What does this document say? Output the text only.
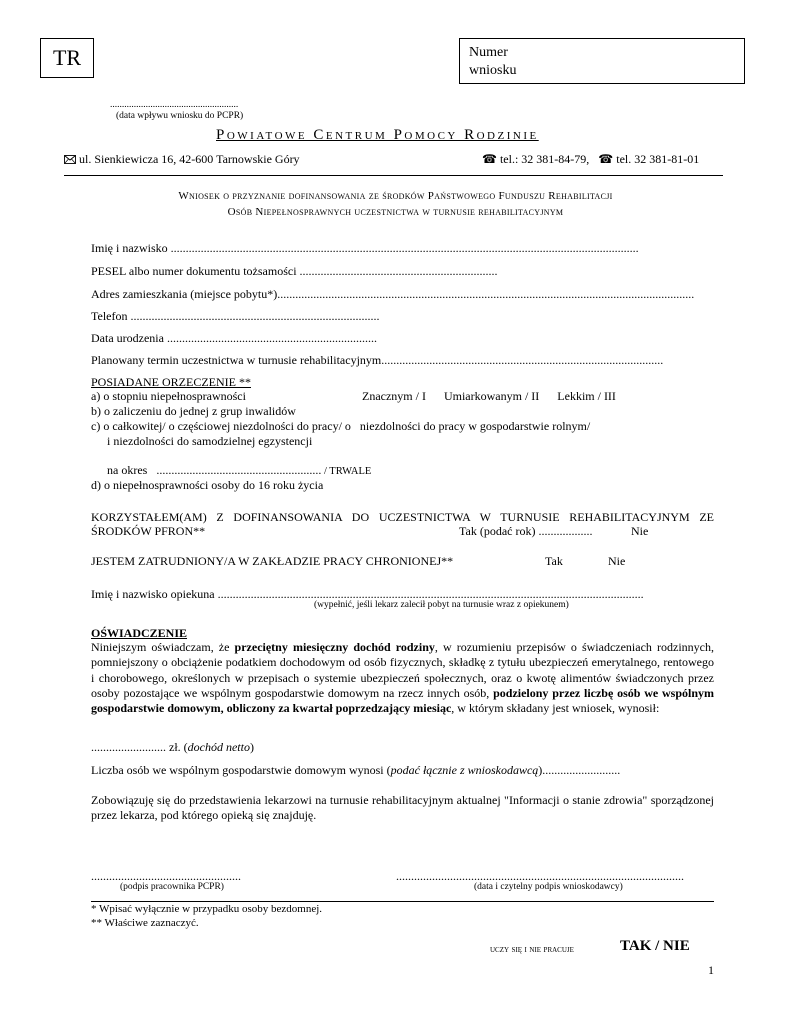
TR	Numer
wniosku
......................................................
(data wpływu wniosku do PCPR)
Powiatowe Centrum Pomocy Rodzinie
ul. Sienkiewicza 16, 42-600 Tarnowskie Góry	☎ tel.: 32 381-84-79, ☎ tel. 32 381-81-01
Wniosek o przyznanie dofinansowania ze środków Państwowego Funduszu Rehabilitacji
Osób Niepełnosprawnych uczestnictwa w turnusie rehabilitacyjnym
Imię i nazwisko ............................................................................................................................................................
PESEL albo numer dokumentu tożsamości ..................................................................
Adres zamieszkania (miejsce pobytu*)...........................................................................................................................................
Telefon ...................................................................................
Data urodzenia ......................................................................
Planowany termin uczestnictwa w turnusie rehabilitacyjnym..............................................................................................
POSIADANE ORZECZENIE **
a) o stopniu niepełnosprawności	Znacznym / I      Umiarkowanym / II      Lekkim / III
b) o zaliczeniu do jednej z grup inwalidów
c) o całkowitej/ o częściowej niezdolności do pracy/ o   niezdolności do pracy w gospodarstwie rolnym/
i niezdolności do samodzielnej egzystencji
na okres ....................................................... / TRWALE
d) o niepełnosprawności osoby do 16 roku życia
KORZYSTAŁEM(AM) Z DOFINANSOWANIA DO UCZESTNICTWA W TURNUSIE REHABILITACYJNYM ZE
ŚRODKÓW PFRON**	Tak (podać rok) ..................	Nie
JESTEM ZATRUDNIONY/A W ZAKŁADZIE PRACY CHRONIONEJ**	Tak	Nie
Imię i nazwisko opiekuna ..............................................................................................................................................
(wypełnić, jeśli lekarz zalecił pobyt na turnusie wraz z opiekunem)
OŚWIADCZENIE
Niniejszym oświadczam, że przeciętny miesięczny dochód rodziny, w rozumieniu przepisów o świadczeniach rodzinnych, pomniejszony o obciążenie podatkiem dochodowym od osób fizycznych, składkę z tytułu ubezpieczeń emerytalnego, rentowego i chorobowego, określonych w przepisach o systemie ubezpieczeń społecznych, oraz o kwotę alimentów świadczonych przez osoby pozostające we wspólnym gospodarstwie domowym na rzecz innych osób, podzielony przez liczbę osób we wspólnym gospodarstwie domowym, obliczony za kwartał poprzedzający miesiąc, w którym składany jest wniosek, wynosił:
......................... zł. (dochód netto)
Liczba osób we wspólnym gospodarstwie domowym wynosi (podać łącznie z wnioskodawcą)..........................
Zobowiązuję się do przedstawienia lekarzowi na turnusie rehabilitacyjnym aktualnej "Informacji o stanie zdrowia" sporządzonej przez lekarza, pod którego opieką się znajduję.
..................................................
(podpis pracownika PCPR)
................................................................................................
(data i czytelny podpis wnioskodawcy)
* Wpisać wyłącznie w przypadku osoby bezdomnej.
** Właściwe zaznaczyć.
uczy się i nie pracuje	TAK / NIE
1
